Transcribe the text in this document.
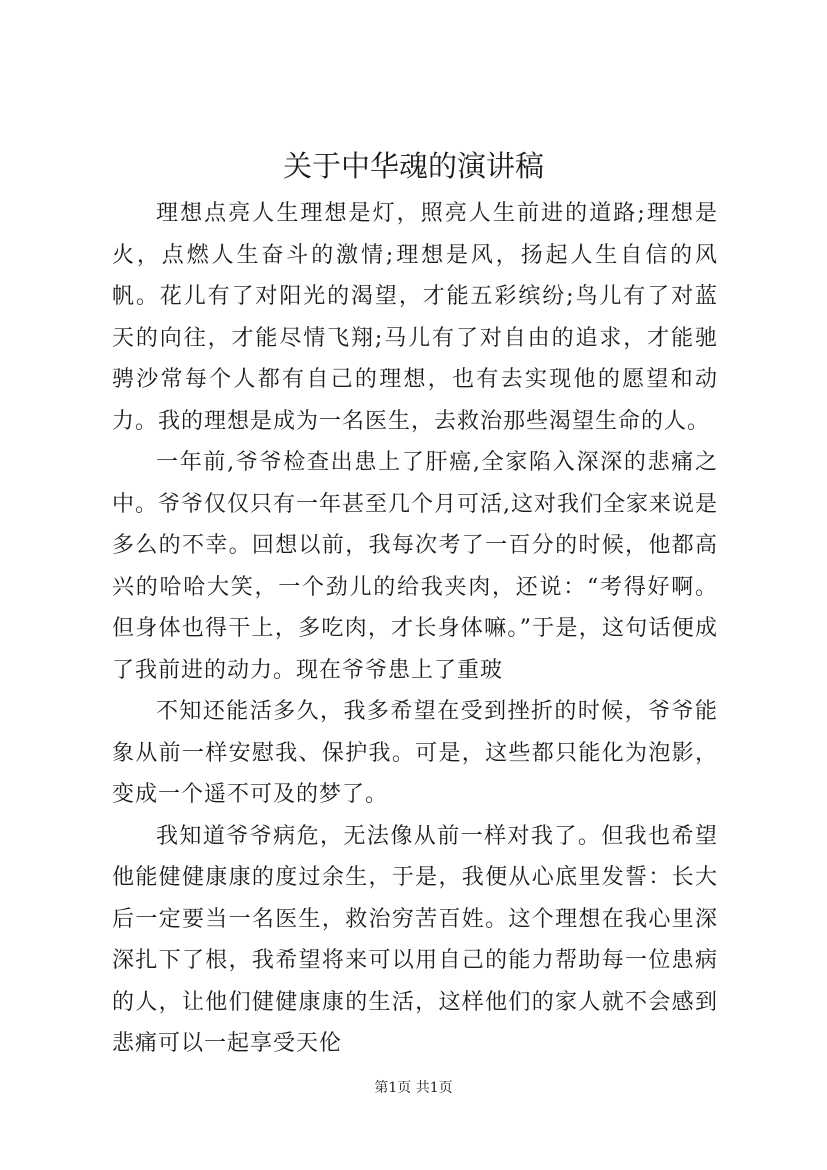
关于中华魂的演讲稿

理想点亮人生理想是灯，照亮人生前进的道路;理想是火，点燃人生奋斗的激情;理想是风，扬起人生自信的风帆。花儿有了对阳光的渴望，才能五彩缤纷;鸟儿有了对蓝天的向往，才能尽情飞翔;马儿有了对自由的追求，才能驰骋沙常每个人都有自己的理想，也有去实现他的愿望和动力。我的理想是成为一名医生，去救治那些渴望生命的人。

一年前,爷爷检查出患上了肝癌,全家陷入深深的悲痛之中。爷爷仅仅只有一年甚至几个月可活,这对我们全家来说是多么的不幸。回想以前，我每次考了一百分的时候，他都高兴的哈哈大笑，一个劲儿的给我夹肉，还说：“考得好啊。但身体也得干上，多吃肉，才长身体嘛。”于是，这句话便成了我前进的动力。现在爷爷患上了重玻

不知还能活多久，我多希望在受到挫折的时候，爷爷能象从前一样安慰我、保护我。可是，这些都只能化为泡影，变成一个遥不可及的梦了。

我知道爷爷病危，无法像从前一样对我了。但我也希望他能健健康康的度过余生，于是，我便从心底里发誓：长大后一定要当一名医生，救治穷苦百姓。这个理想在我心里深深扎下了根，我希望将来可以用自己的能力帮助每一位患病的人，让他们健健康康的生活，这样他们的家人就不会感到悲痛可以一起享受天伦

第1页 共1页
